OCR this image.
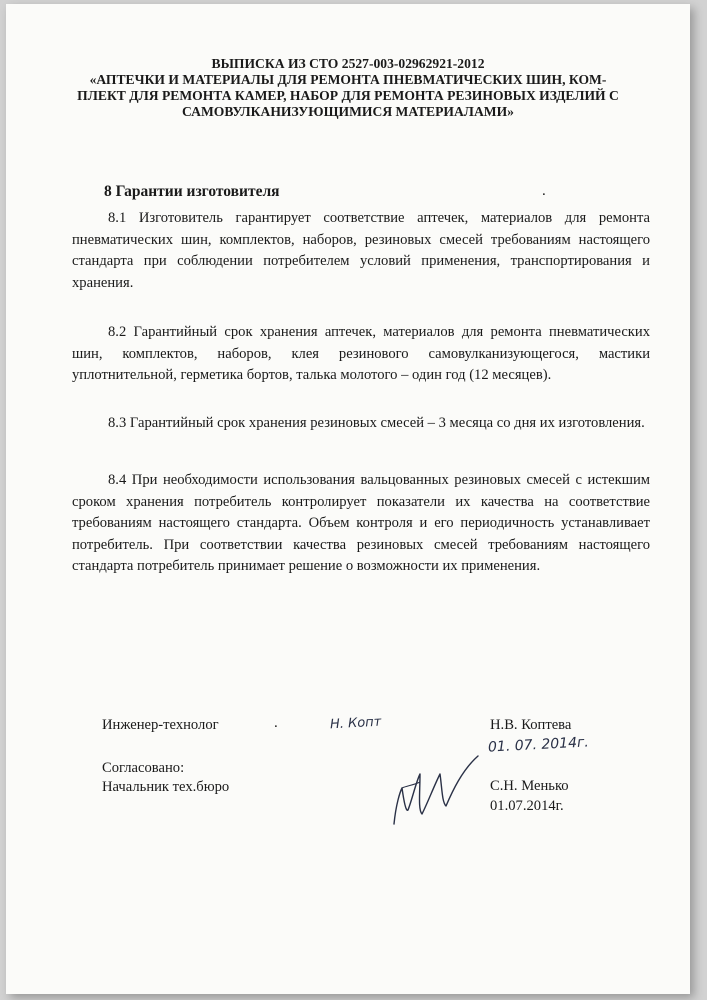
ВЫПИСКА ИЗ СТО 2527-003-02962921-2012
«АПТЕЧКИ И МАТЕРИАЛЫ ДЛЯ РЕМОНТА ПНЕВМАТИЧЕСКИХ ШИН, КОМ-
ПЛЕКТ ДЛЯ РЕМОНТА КАМЕР, НАБОР ДЛЯ РЕМОНТА РЕЗИНОВЫХ ИЗДЕЛИЙ С
САМОВУЛКАНИЗУЮЩИМИСЯ МАТЕРИАЛАМИ»
8 Гарантии изготовителя	.

8.1 Изготовитель гарантирует соответствие аптечек, материалов для ремонта пневматических шин, комплектов, наборов, резиновых смесей требованиям настоящего стандарта при соблюдении потребителем условий применения, транспортирования и хранения.

8.2 Гарантийный срок хранения аптечек, материалов для ремонта пневматических шин, комплектов, наборов, клея резинового самовулканизующегося, мастики уплотнительной, герметика бортов, талька молотого – один год (12 месяцев).

8.3 Гарантийный срок хранения резиновых смесей – 3 месяца со дня их изготовления.

8.4 При необходимости использования вальцованных резиновых смесей с истекшим сроком хранения потребитель контролирует показатели их качества на соответствие требованиям настоящего стандарта. Объем контроля и его периодичность устанавливает потребитель. При соответствии качества резиновых смесей требованиям настоящего стандарта потребитель принимает решение о возможности их применения.

Инженер-технолог	.	Н. Копт	Н.В. Коптева
01. 07. 2014г.
Согласовано:
Начальник тех.бюро	С.Н. Менько
01.07.2014г.
